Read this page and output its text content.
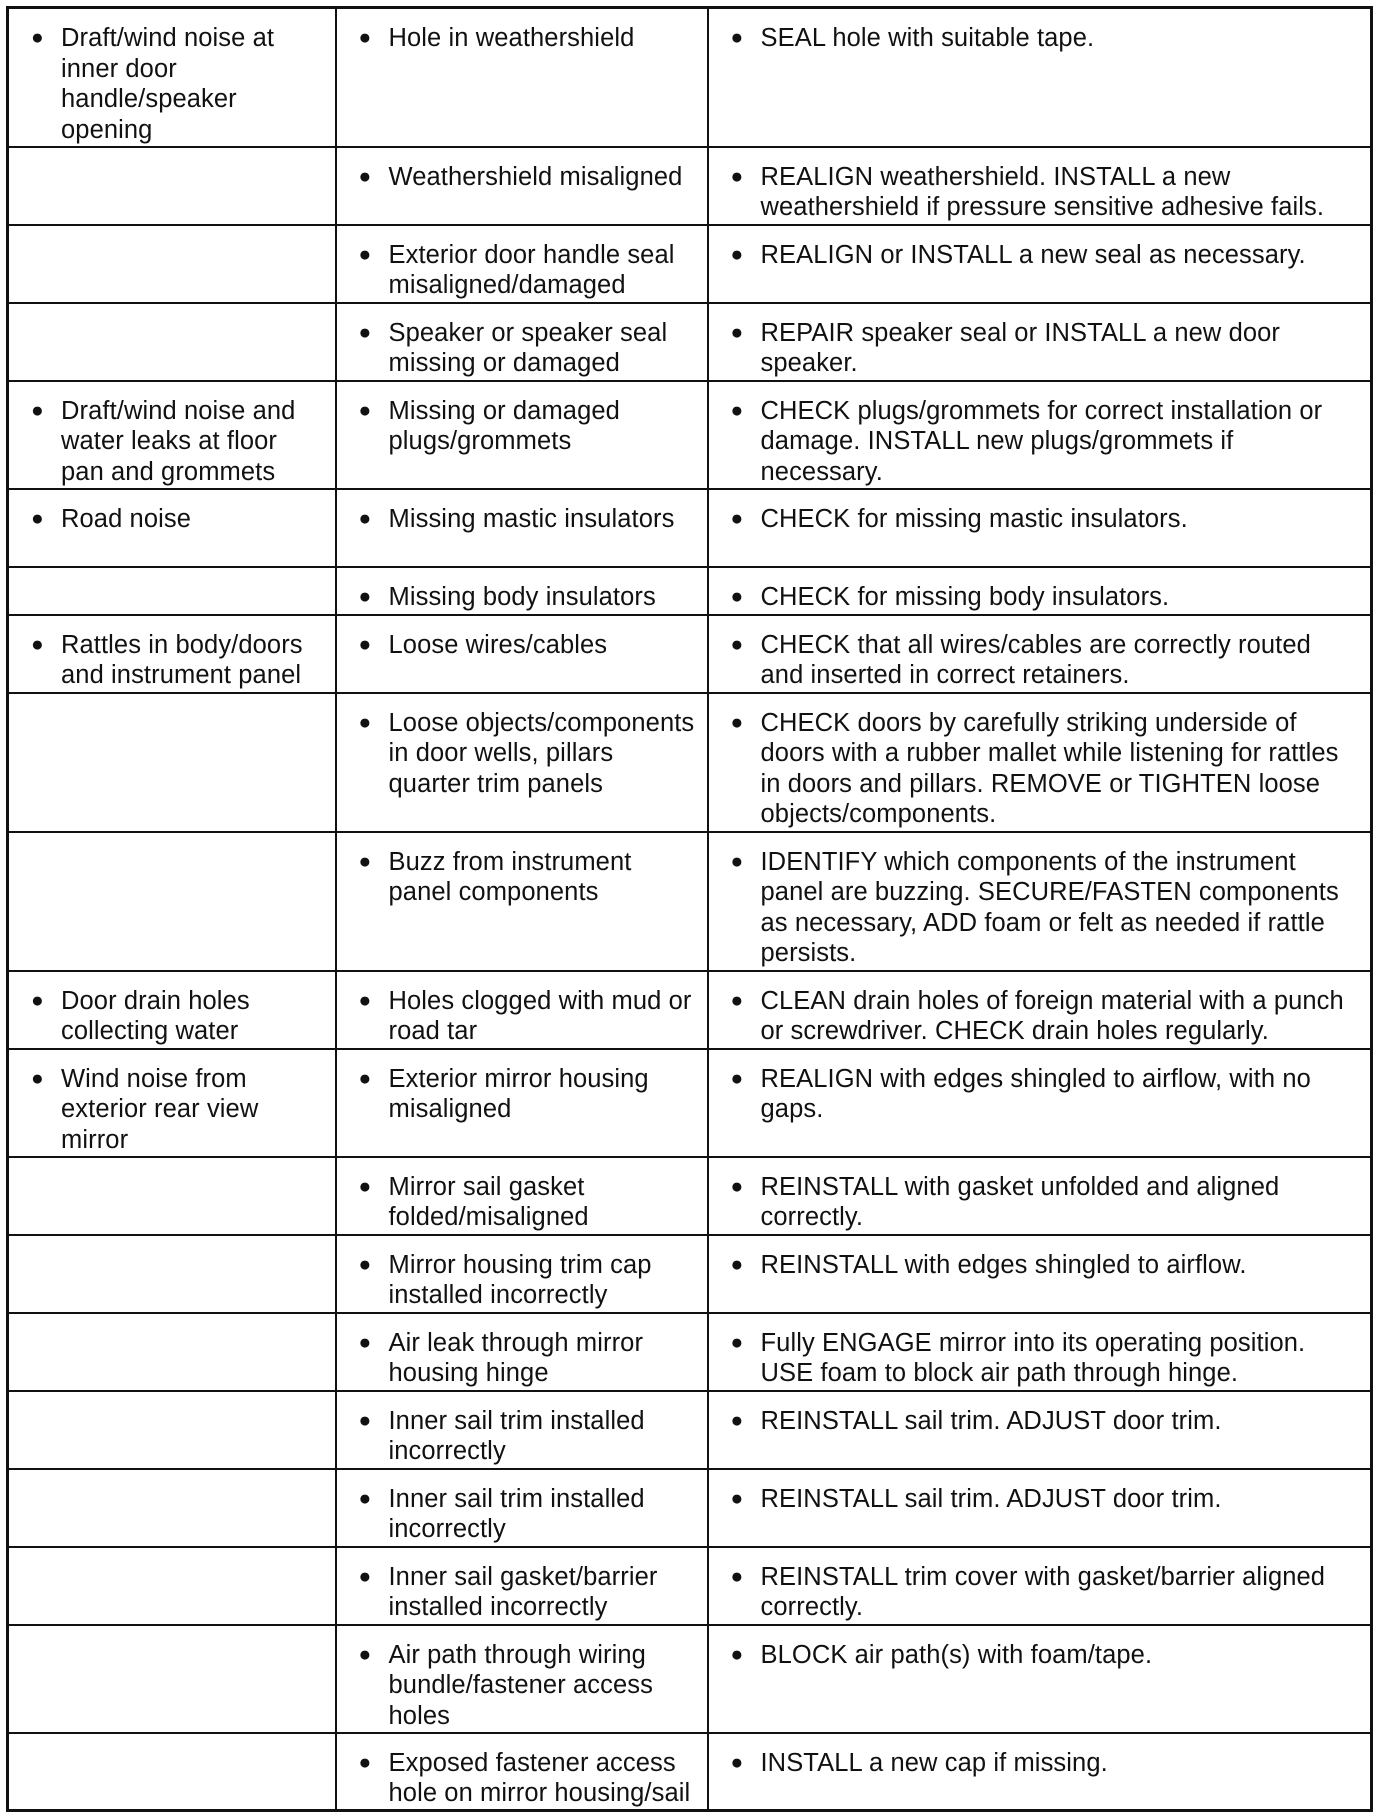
● Draft/wind noise at inner door handle/speaker opening	● Hole in weathershield	● SEAL hole with suitable tape.

	● Weathershield misaligned	● REALIGN weathershield. INSTALL a new weathershield if pressure sensitive adhesive fails.

	● Exterior door handle seal misaligned/damaged	● REALIGN or INSTALL a new seal as necessary.

	● Speaker or speaker seal missing or damaged	● REPAIR speaker seal or INSTALL a new door speaker.

● Draft/wind noise and water leaks at floor pan and grommets	● Missing or damaged plugs/grommets	● CHECK plugs/grommets for correct installation or damage. INSTALL new plugs/grommets if necessary.

● Road noise	● Missing mastic insulators	● CHECK for missing mastic insulators.

	● Missing body insulators	● CHECK for missing body insulators.

● Rattles in body/doors and instrument panel	● Loose wires/cables	● CHECK that all wires/cables are correctly routed and inserted in correct retainers.

	● Loose objects/components in door wells, pillars quarter trim panels	● CHECK doors by carefully striking underside of doors with a rubber mallet while listening for rattles in doors and pillars. REMOVE or TIGHTEN loose objects/components.

	● Buzz from instrument panel components	● IDENTIFY which components of the instrument panel are buzzing. SECURE/FASTEN components as necessary, ADD foam or felt as needed if rattle persists.

● Door drain holes collecting water	● Holes clogged with mud or road tar	● CLEAN drain holes of foreign material with a punch or screwdriver. CHECK drain holes regularly.

● Wind noise from exterior rear view mirror	● Exterior mirror housing misaligned	● REALIGN with edges shingled to airflow, with no gaps.

	● Mirror sail gasket folded/misaligned	● REINSTALL with gasket unfolded and aligned correctly.

	● Mirror housing trim cap installed incorrectly	● REINSTALL with edges shingled to airflow.

	● Air leak through mirror housing hinge	● Fully ENGAGE mirror into its operating position. USE foam to block air path through hinge.

	● Inner sail trim installed incorrectly	● REINSTALL sail trim. ADJUST door trim.

	● Inner sail trim installed incorrectly	● REINSTALL sail trim. ADJUST door trim.

	● Inner sail gasket/barrier installed incorrectly	● REINSTALL trim cover with gasket/barrier aligned correctly.

	● Air path through wiring bundle/fastener access holes	● BLOCK air path(s) with foam/tape.

	● Exposed fastener access hole on mirror housing/sail	● INSTALL a new cap if missing.
